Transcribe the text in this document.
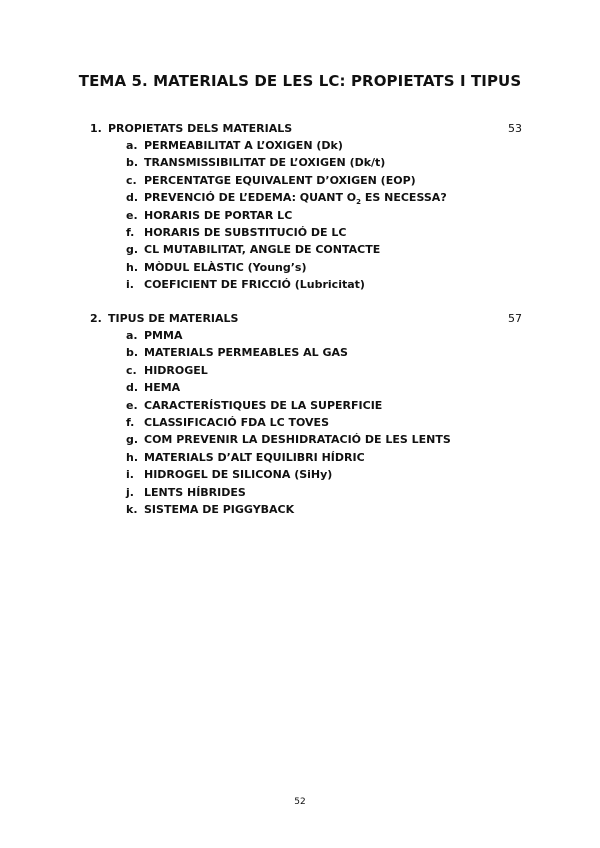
TEMA 5. MATERIALS DE LES LC: PROPIETATS I TIPUS
1. PROPIETATS DELS MATERIALS	53
a. PERMEABILITAT A L’OXIGEN (Dk)
b. TRANSMISSIBILITAT DE L’OXIGEN (Dk/t)
c. PERCENTATGE EQUIVALENT D’OXIGEN (EOP)
d. PREVENCIÓ DE L’EDEMA: QUANT $O_2$ ES NECESSA?
e. HORARIS DE PORTAR LC
f. HORARIS DE SUBSTITUCIÓ DE LC
g. CL MUTABILITAT, ANGLE DE CONTACTE
h. MÒDUL ELÀSTIC (Young’s)
i. COEFICIENT DE FRICCIÓ (Lubricitat)
2. TIPUS DE MATERIALS	57
a. PMMA
b. MATERIALS PERMEABLES AL GAS
c. HIDROGEL
d. HEMA
e. CARACTERÍSTIQUES DE LA SUPERFICIE
f. CLASSIFICACIÓ FDA LC TOVES
g. COM PREVENIR LA DESHIDRATACIÓ DE LES LENTS
h. MATERIALS D’ALT EQUILIBRI HÍDRIC
i. HIDROGEL DE SILICONA (SiHy)
j. LENTS HÍBRIDES
k. SISTEMA DE PIGGYBACK
52
